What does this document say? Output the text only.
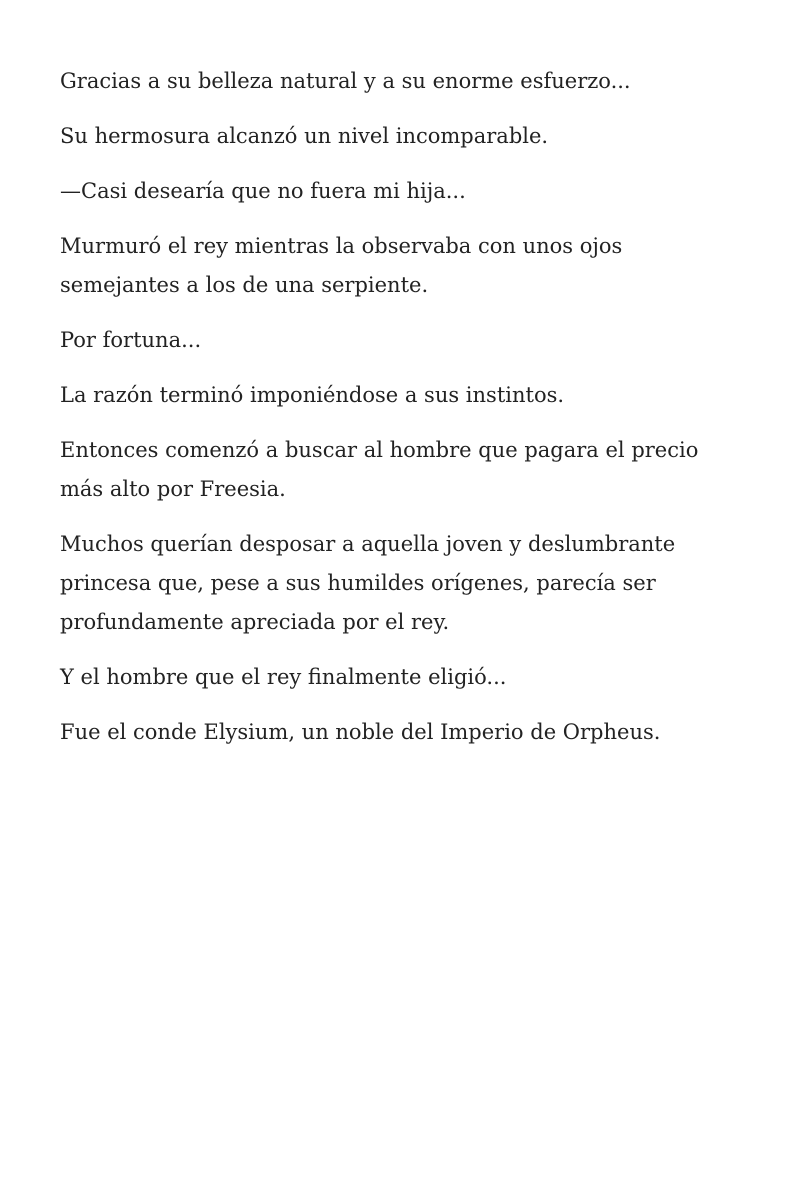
Gracias a su belleza natural y a su enorme esfuerzo...

Su hermosura alcanzó un nivel incomparable.

—Casi desearía que no fuera mi hija...

Murmuró el rey mientras la observaba con unos ojos semejantes a los de una serpiente.

Por fortuna...

La razón terminó imponiéndose a sus instintos.

Entonces comenzó a buscar al hombre que pagara el precio más alto por Freesia.

Muchos querían desposar a aquella joven y deslumbrante princesa que, pese a sus humildes orígenes, parecía ser profundamente apreciada por el rey.

Y el hombre que el rey finalmente eligió...

Fue el conde Elysium, un noble del Imperio de Orpheus.
